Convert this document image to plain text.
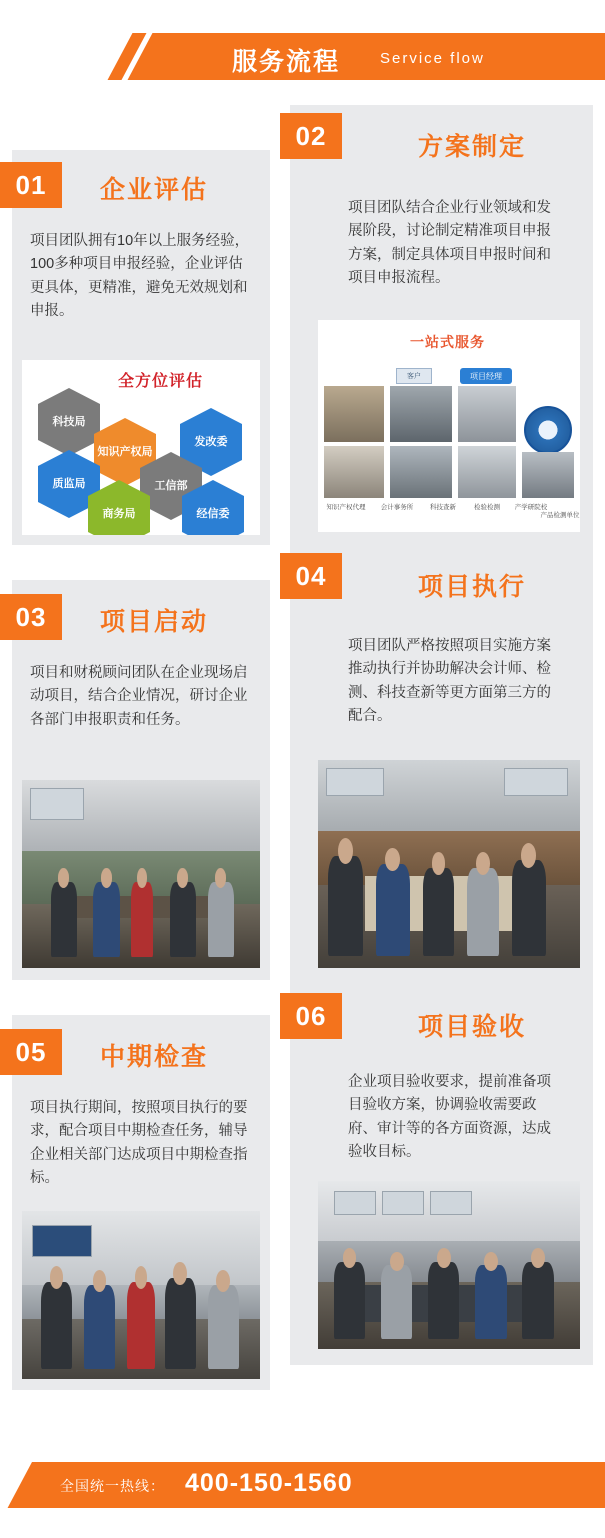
服务流程	Service flow
01	企业评估
项目团队拥有10年以上服务经验，100多种项目申报经验，企业评估更具体，更精准，避免无效规划和申报。
全方位评估
科技局
知识产权局
发改委
质监局	工信部
商务局	经信委
02	方案制定
项目团队结合企业行业领域和发展阶段，讨论制定精准项目申报方案，制定具体项目申报时间和项目申报流程。
一站式服务
客户	项目经理
知识产权代理	会计事务所	科技查新	检验检测	产学研院校
产品检测单位
03	项目启动
项目和财税顾问团队在企业现场启动项目，结合企业情况，研讨企业各部门申报职责和任务。
04	项目执行
项目团队严格按照项目实施方案推动执行并协助解决会计师、检测、科技查新等更方面第三方的配合。
05	中期检查
项目执行期间，按照项目执行的要求，配合项目中期检查任务，辅导企业相关部门达成项目中期检查指标。
06	项目验收
企业项目验收要求，提前准备项目验收方案，协调验收需要政府、审计等的各方面资源，达成验收目标。
全国统一热线： 400-150-1560
